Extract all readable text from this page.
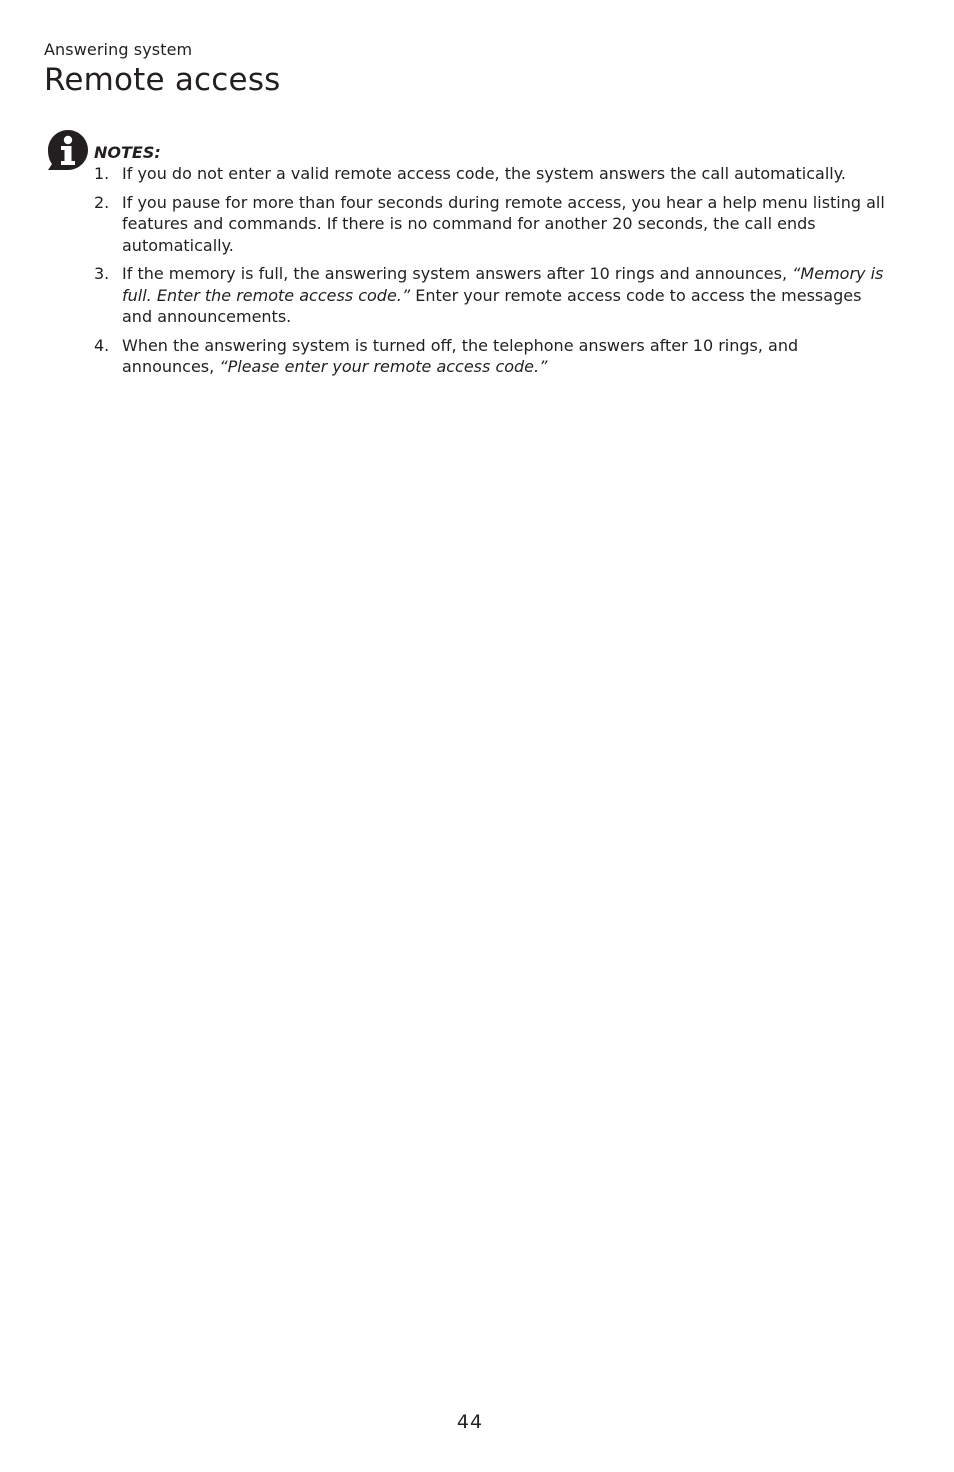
Answering system
Remote access
NOTES:
1. If you do not enter a valid remote access code, the system answers the call automatically.
2. If you pause for more than four seconds during remote access, you hear a help menu listing all features and commands. If there is no command for another 20 seconds, the call ends automatically.
3. If the memory is full, the answering system answers after 10 rings and announces, “Memory is full. Enter the remote access code.” Enter your remote access code to access the messages and announcements.
4. When the answering system is turned off, the telephone answers after 10 rings, and announces, “Please enter your remote access code.”
44
